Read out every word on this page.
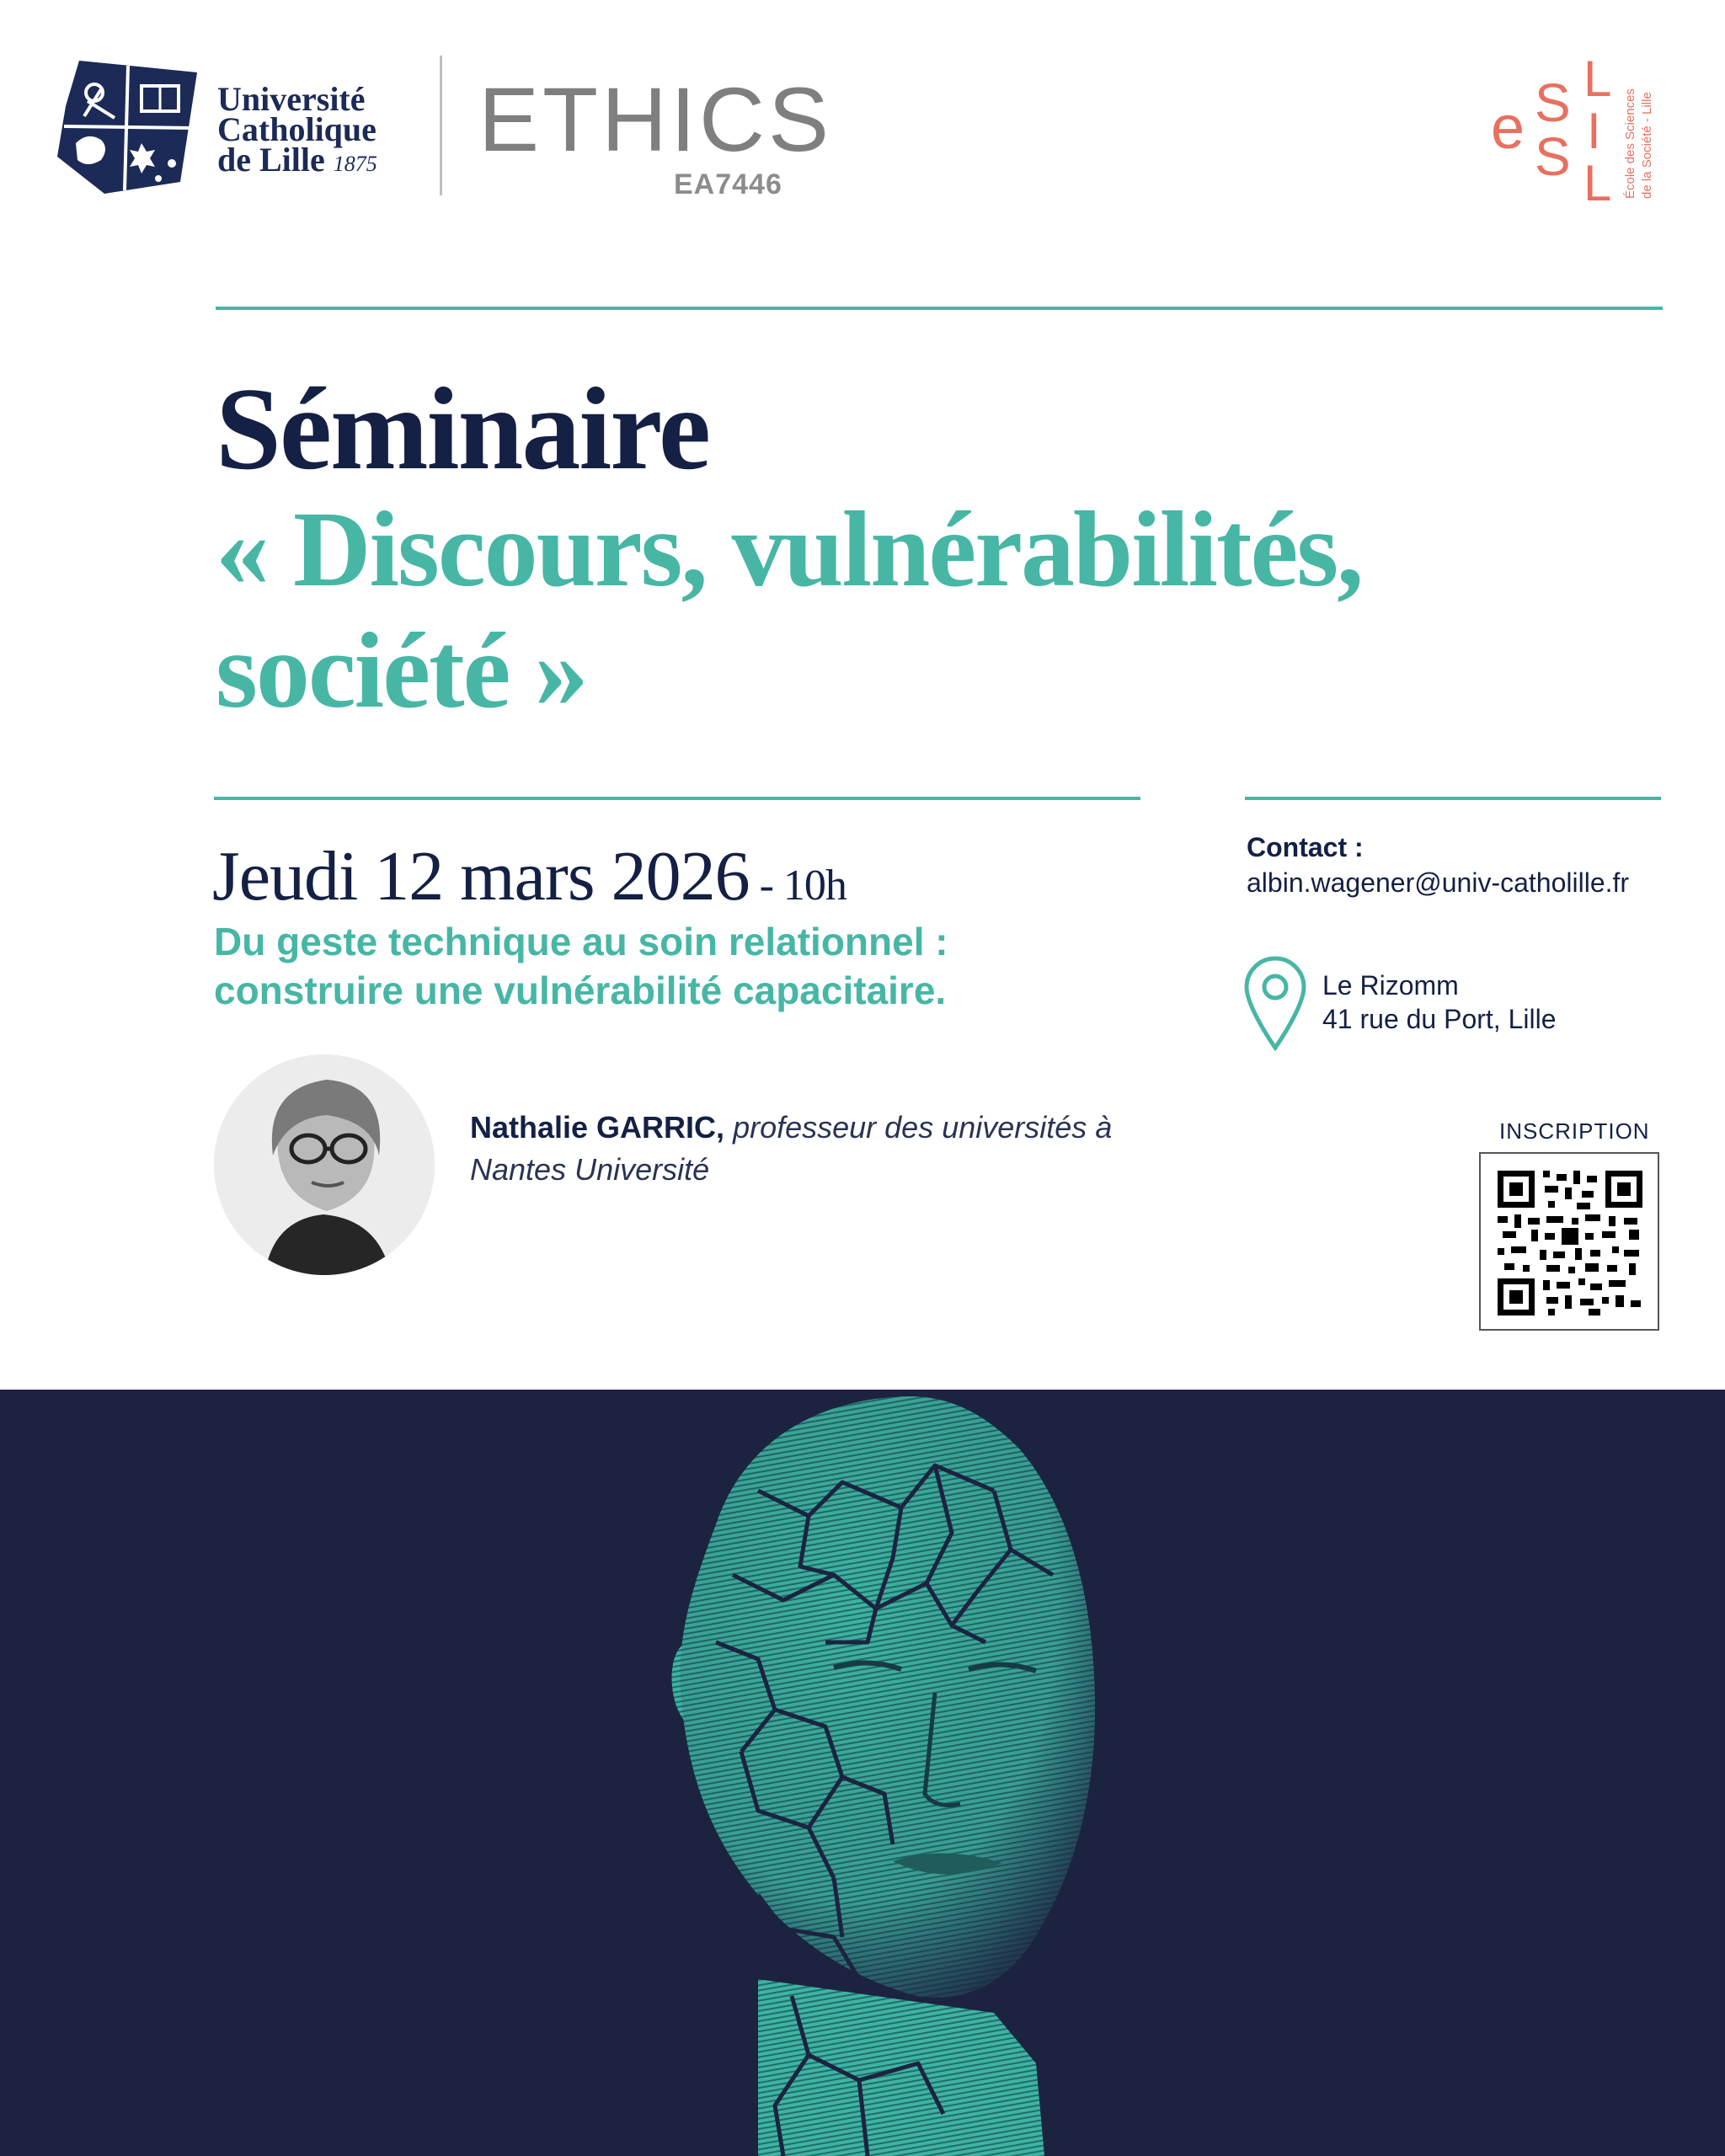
Université
Catholique
de Lille 1875 ETHICS
EA7446
e S
S
L
I
L École des Sciences de la Société - Lille
Séminaire
« Discours, vulnérabilités,
société »
Jeudi 12 mars 2026 - 10h
Du geste technique au soin relationnel :
construire une vulnérabilité capacitaire.
Nathalie GARRIC, professeur des universités à Nantes Université
Contact :
albin.wagener@univ-catholille.fr
Le Rizomm
41 rue du Port, Lille
INSCRIPTION
